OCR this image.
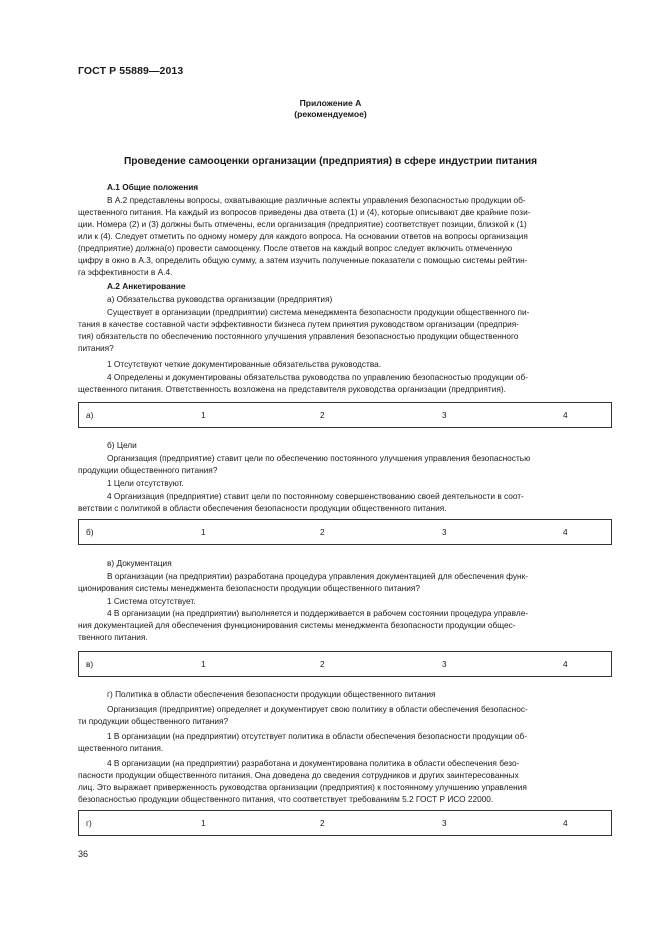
ГОСТ Р 55889—2013
Приложение А
(рекомендуемое)
Проведение самооценки организации (предприятия) в сфере индустрии питания
А.1 Общие положения
В А.2 представлены вопросы, охватывающие различные аспекты управления безопасностью продукции об-
щественного питания. На каждый из вопросов приведены два ответа (1) и (4), которые описывают две крайние пози-
ции. Номера (2) и (3) должны быть отмечены, если организация (предприятие) соответствует позиции, близкой к (1)
или к (4). Следует отметить по одному номеру для каждого вопроса. На основании ответов на вопросы организация
(предприятие) должна(о) провести самооценку. После ответов на каждый вопрос следует включить отмеченную
цифру в окно в А.3, определить общую сумму, а затем изучить полученные показатели с помощью системы рейтин-
га эффективности в А.4.
А.2 Анкетирование
а) Обязательства руководства организации (предприятия)
Существует в организации (предприятии) система менеджмента безопасности продукции общественного пи-
тания в качестве составной части эффективности бизнеса путем принятия руководством организации (предприя-
тия) обязательств по обеспечению постоянного улучшения управления безопасностью продукции общественного
питания?
1 Отсутствуют четкие документированные обязательства руководства.
4 Определены и документированы обязательства руководства по управлению безопасностью продукции об-
щественного питания. Ответственность возложена на представителя руководства организации (предприятия).
б) Цели
Организация (предприятие) ставит цели по обеспечению постоянного улучшения управления безопасностью
продукции общественного питания?
1 Цели отсутствуют.
4 Организация (предприятие) ставит цели по постоянному совершенствованию своей деятельности в сoот-
ветствии с политикой в области обеспечения безопасности продукции общественного питания.
в) Документация
В организации (на предприятии) разработана процедура управления документацией для обеспечения функ-
ционирования системы менеджмента безопасности продукции общественного питания?
1 Система отсутствует.
4 В организации (на предприятии) выполняется и поддерживается в рабочем состоянии процедура управле-
ния документацией для обеспечения функционирования системы менеджмента безопасности продукции общес-
твенного питания.
г) Политика в области обеспечения безопасности продукции общественного питания
Организация (предприятие) определяет и документирует свою политику в области обеспечения безопаснос-
ти продукции общественного питания?
1 В организации (на предприятии) отсутствует политика в области обеспечения безопасности продукции об-
щественного питания.
4 В организации (на предприятии) разработана и документирована политика в области обеспечения безо-
пасности продукции общественного питания. Она доведена до сведения сотрудников и других заинтересованных
лиц. Это выражает приверженность руководства организации (предприятия) к постоянному улучшению управления
безопасностью продукции общественного питания, что соответствует требованиям 5.2 ГОСТ Р ИСО 22000.
а)	1	2	3	4
б)	1	2	3	4
в)	1	2	3	4
г)	1	2	3	4
36
